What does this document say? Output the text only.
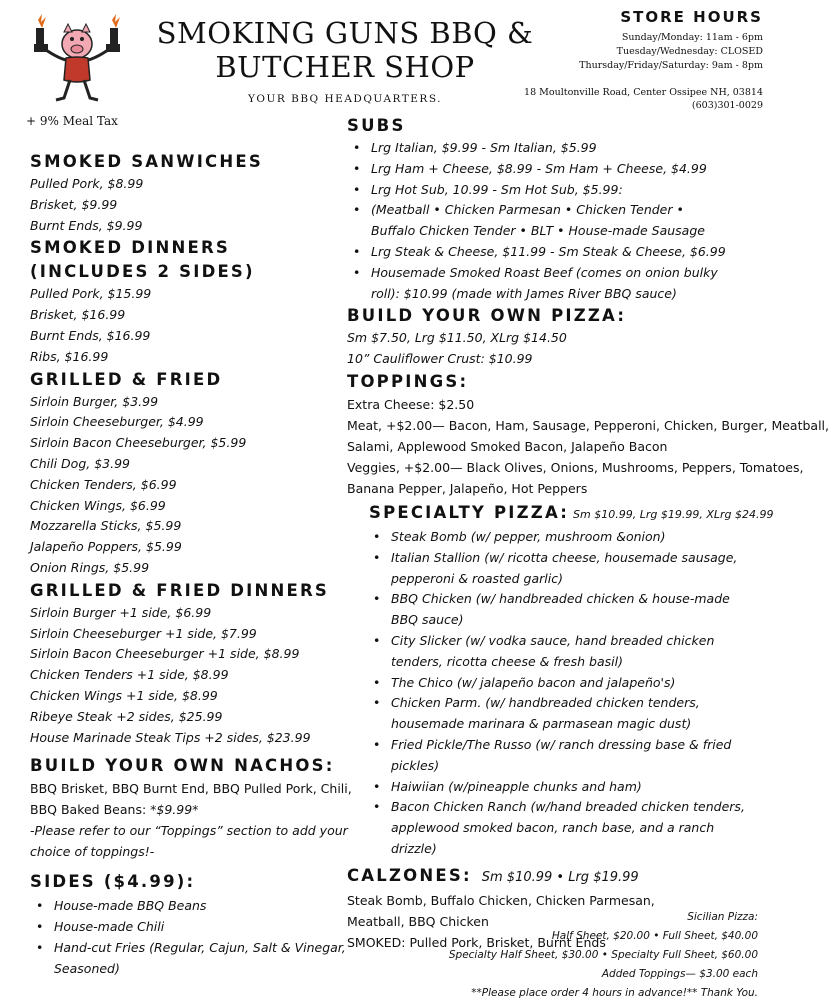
SMOKING GUNS BBQ &
BUTCHER SHOP
YOUR BBQ HEADQUARTERS.
STORE HOURS
Sunday/Monday: 11am - 6pm
Tuesday/Wednesday: CLOSED
Thursday/Friday/Saturday: 9am - 8pm
18 Moultonville Road, Center Ossipee NH, 03814
(603)301-0029
+ 9% Meal Tax
SMOKED SANWICHES
Pulled Pork, $8.99
Brisket, $9.99
Burnt Ends, $9.99
SMOKED DINNERS
(INCLUDES 2 SIDES)
Pulled Pork, $15.99
Brisket, $16.99
Burnt Ends, $16.99
Ribs, $16.99
GRILLED & FRIED
Sirloin Burger, $3.99
Sirloin Cheeseburger, $4.99
Sirloin Bacon Cheeseburger, $5.99
Chili Dog, $3.99
Chicken Tenders, $6.99
Chicken Wings, $6.99
Mozzarella Sticks, $5.99
Jalapeño Poppers, $5.99
Onion Rings, $5.99
GRILLED & FRIED DINNERS
Sirloin Burger +1 side, $6.99
Sirloin Cheeseburger +1 side, $7.99
Sirloin Bacon Cheeseburger +1 side, $8.99
Chicken Tenders +1 side, $8.99
Chicken Wings +1 side, $8.99
Ribeye Steak +2 sides, $25.99
House Marinade Steak Tips +2 sides, $23.99
BUILD YOUR OWN NACHOS:
BBQ Brisket, BBQ Burnt End, BBQ Pulled Pork, Chili,
BBQ Baked Beans: *$9.99*
-Please refer to our “Toppings” section to add your
choice of toppings!-
SIDES ($4.99):
• House-made BBQ Beans
• House-made Chili
• Hand-cut Fries (Regular, Cajun, Salt & Vinegar, Seasoned)
SUBS
• Lrg Italian, $9.99 - Sm Italian, $5.99
• Lrg Ham + Cheese, $8.99 - Sm Ham + Cheese, $4.99
• Lrg Hot Sub, 10.99 - Sm Hot Sub, $5.99:
• (Meatball • Chicken Parmesan • Chicken Tender • Buffalo Chicken Tender • BLT • House-made Sausage
• Lrg Steak & Cheese, $11.99 - Sm Steak & Cheese, $6.99
• Housemade Smoked Roast Beef (comes on onion bulky roll): $10.99 (made with James River BBQ sauce)
BUILD YOUR OWN PIZZA:
Sm $7.50, Lrg $11.50, XLrg $14.50
10” Cauliflower Crust: $10.99
TOPPINGS:
Extra Cheese: $2.50
Meat, +$2.00— Bacon, Ham, Sausage, Pepperoni, Chicken, Burger, Meatball,
Salami, Applewood Smoked Bacon, Jalapeño Bacon
Veggies, +$2.00— Black Olives, Onions, Mushrooms, Peppers, Tomatoes,
Banana Pepper, Jalapeño, Hot Peppers
SPECIALTY PIZZA: Sm $10.99, Lrg $19.99, XLrg $24.99
• Steak Bomb (w/ pepper, mushroom &onion)
• Italian Stallion (w/ ricotta cheese, housemade sausage, pepperoni & roasted garlic)
• BBQ Chicken (w/ handbreaded chicken & house-made BBQ sauce)
• City Slicker (w/ vodka sauce, hand breaded chicken tenders, ricotta cheese & fresh basil)
• The Chico (w/ jalapeño bacon and jalapeño's)
• Chicken Parm. (w/ handbreaded chicken tenders, housemade marinara & parmasean magic dust)
• Fried Pickle/The Russo (w/ ranch dressing base & fried pickles)
• Haiwiian (w/pineapple chunks and ham)
• Bacon Chicken Ranch (w/hand breaded chicken tenders, applewood smoked bacon, ranch base, and a ranch drizzle)
CALZONES: Sm $10.99 • Lrg $19.99
Steak Bomb, Buffalo Chicken, Chicken Parmesan,
Meatball, BBQ Chicken
SMOKED: Pulled Pork, Brisket, Burnt Ends
Sicilian Pizza:
Half Sheet, $20.00 • Full Sheet, $40.00
Specialty Half Sheet, $30.00 • Specialty Full Sheet, $60.00
Added Toppings— $3.00 each
**Please place order 4 hours in advance!** Thank You.
